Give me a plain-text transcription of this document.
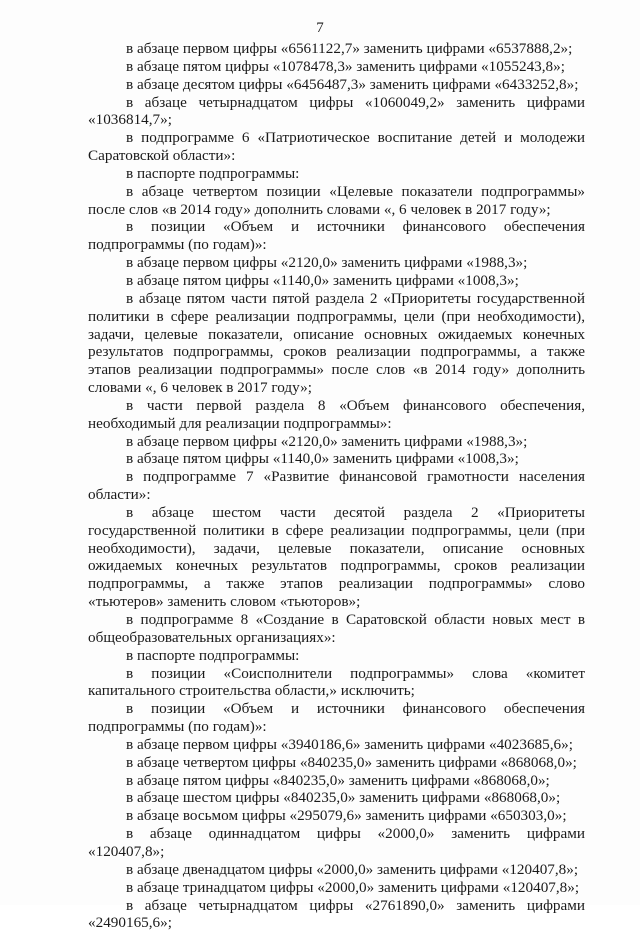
7

в абзаце первом цифры «6561122,7» заменить цифрами «6537888,2»;

в абзаце пятом цифры «1078478,3» заменить цифрами «1055243,8»;

в абзаце десятом цифры «6456487,3» заменить цифрами «6433252,8»;

в абзаце четырнадцатом цифры «1060049,2» заменить цифрами «1036814,7»;

в подпрограмме 6 «Патриотическое воспитание детей и молодежи Саратовской области»:

в паспорте подпрограммы:

в абзаце четвертом позиции «Целевые показатели подпрограммы» после слов «в 2014 году» дополнить словами «, 6 человек в 2017 году»;

в позиции «Объем и источники финансового обеспечения подпрограммы (по годам)»:

в абзаце первом цифры «2120,0» заменить цифрами «1988,3»;

в абзаце пятом цифры «1140,0» заменить цифрами «1008,3»;

в абзаце пятом части пятой раздела 2 «Приоритеты государственной политики в сфере реализации подпрограммы, цели (при необходимости), задачи, целевые показатели, описание основных ожидаемых конечных результатов подпрограммы, сроков реализации подпрограммы, а также этапов реализации подпрограммы» после слов «в 2014 году» дополнить словами «, 6 человек в 2017 году»;

в части первой раздела 8 «Объем финансового обеспечения, необходимый для реализации подпрограммы»:

в абзаце первом цифры «2120,0» заменить цифрами «1988,3»;

в абзаце пятом цифры «1140,0» заменить цифрами «1008,3»;

в подпрограмме 7 «Развитие финансовой грамотности населения области»:

в абзаце шестом части десятой раздела 2 «Приоритеты государственной политики в сфере реализации подпрограммы, цели (при необходимости), задачи, целевые показатели, описание основных ожидаемых конечных результатов подпрограммы, сроков реализации подпрограммы, а также этапов реализации подпрограммы» слово «тьютеров» заменить словом «тьюторов»;

в подпрограмме 8 «Создание в Саратовской области новых мест в общеобразовательных организациях»:

в паспорте подпрограммы:

в позиции «Соисполнители подпрограммы» слова «комитет капитального строительства области,» исключить;

в позиции «Объем и источники финансового обеспечения подпрограммы (по годам)»:

в абзаце первом цифры «3940186,6» заменить цифрами «4023685,6»;

в абзаце четвертом цифры «840235,0» заменить цифрами «868068,0»;

в абзаце пятом цифры «840235,0» заменить цифрами «868068,0»;

в абзаце шестом цифры «840235,0» заменить цифрами «868068,0»;

в абзаце восьмом цифры «295079,6» заменить цифрами «650303,0»;

в абзаце одиннадцатом цифры «2000,0» заменить цифрами «120407,8»;

в абзаце двенадцатом цифры «2000,0» заменить цифрами «120407,8»;

в абзаце тринадцатом цифры «2000,0» заменить цифрами «120407,8»;

в абзаце четырнадцатом цифры «2761890,0» заменить цифрами «2490165,6»;
